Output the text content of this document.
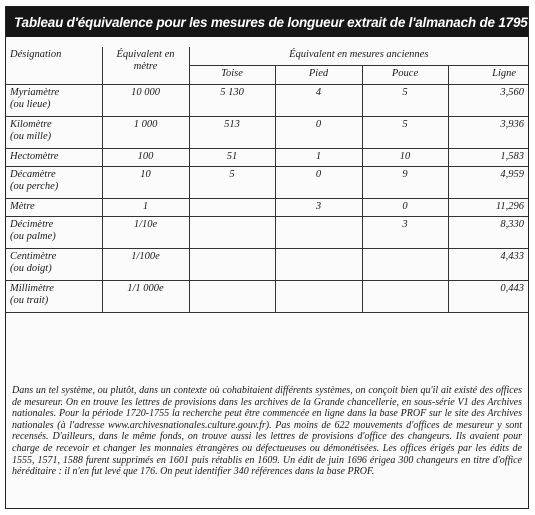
Tableau d'équivalence pour les mesures de longueur extrait de l'almanach de 1795
Désignation	Équivalent en mètre	Équivalent en mesures anciennes			
		Toise	Pied	Pouce	Ligne
Myriamètre
(ou lieue)	10 000	5 130	4	5	3,560
Kilomètre
(ou mille)	1 000	513	0	5	3,936
Hectomètre	100	51	1	10	1,583
Décamètre
(ou perche)	10	5	0	9	4,959
Mètre	1		3	0	11,296
Décimètre
(ou palme)	1/10e			3	8,330
Centimètre
(ou doigt)	1/100e				4,433
Millimètre
(ou trait)	1/1 000e				0,443
Dans un tel système, ou plutôt, dans un contexte où cohabitaient différents systèmes, on conçoit bien qu'il ait existé des offices de mesureur. On en trouve les lettres de provisions dans les archives de la Grande chancellerie, en sous-série V1 des Archives nationales. Pour la période 1720-1755 la recherche peut être commencée en ligne dans la base PROF sur le site des Archives nationales (à l'adresse www.archivesnationales.culture.gouv.fr). Pas moins de 622 mouvements d'offices de mesureur y sont recensés. D'ailleurs, dans le même fonds, on trouve aussi les lettres de provisions d'office des changeurs. Ils avaient pour charge de recevoir et changer les monnaies étrangères ou défectueuses ou démonétisées. Les offices érigés par les édits de 1555, 1571, 1588 furent supprimés en 1601 puis rétablis en 1609. Un édit de juin 1696 érigea 300 changeurs en titre d'office héréditaire : il n'en fut levé que 176. On peut identifier 340 références dans la base PROF.
